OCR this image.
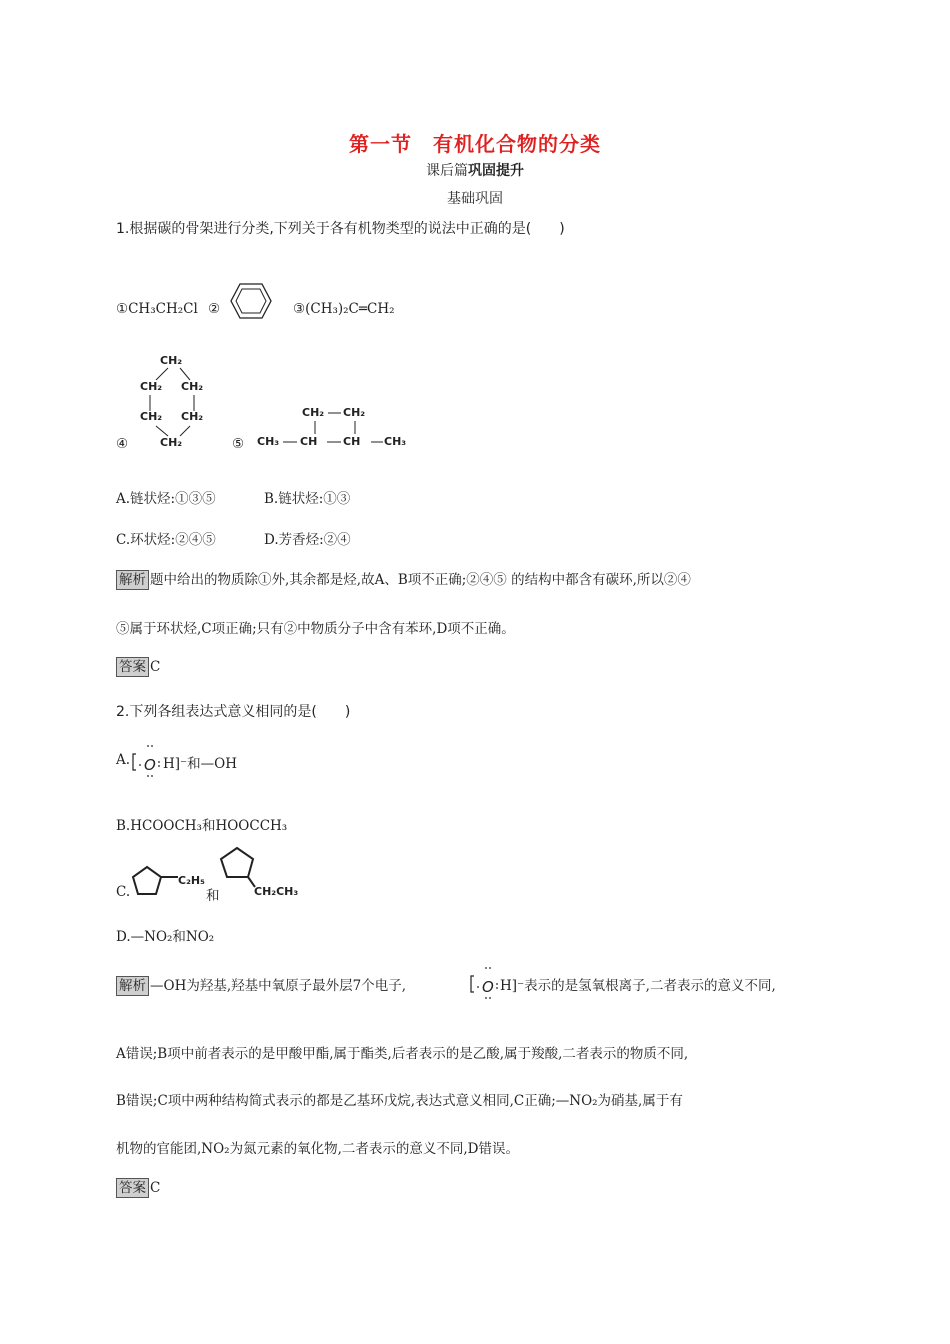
第一节　有机化合物的分类
课后篇巩固提升
基础巩固
1.根据碳的骨架进行分类,下列关于各有机物类型的说法中正确的是(　　)
①CH₃CH₂Cl ②	③(CH₃)₂C═CH₂
④
CH₂
CH₂ CH₂
CH₂ CH₂
CH₂	⑤
CH₂ CH₂
CH₃ CH CH CH₃
A.链状烃:①③⑤	B.链状烃:①③
C.环状烃:②④⑤	D.芳香烃:②④
解析 题中给出的物质除①外,其余都是烃,故A、B项不正确;②④⑤ 的结构中都含有碳环,所以②④
⑤属于环状烃,C项正确;只有②中物质分子中含有苯环,D项不正确。
答案 C
2.下列各组表达式意义相同的是(　　)
A. O H]⁻和—OH
B.HCOOCH₃和HOOCCH₃
C.
C₂H₅
和	CH₂CH₃
D.—NO₂和NO₂
解析 —OH为羟基,羟基中氧原子最外层7个电子,	O H]⁻表示的是氢氧根离子,二者表示的意义不同,
A错误;B项中前者表示的是甲酸甲酯,属于酯类,后者表示的是乙酸,属于羧酸,二者表示的物质不同,
B错误;C项中两种结构简式表示的都是乙基环戊烷,表达式意义相同,C正确;—NO₂为硝基,属于有
机物的官能团,NO₂为氮元素的氧化物,二者表示的意义不同,D错误。
答案 C
